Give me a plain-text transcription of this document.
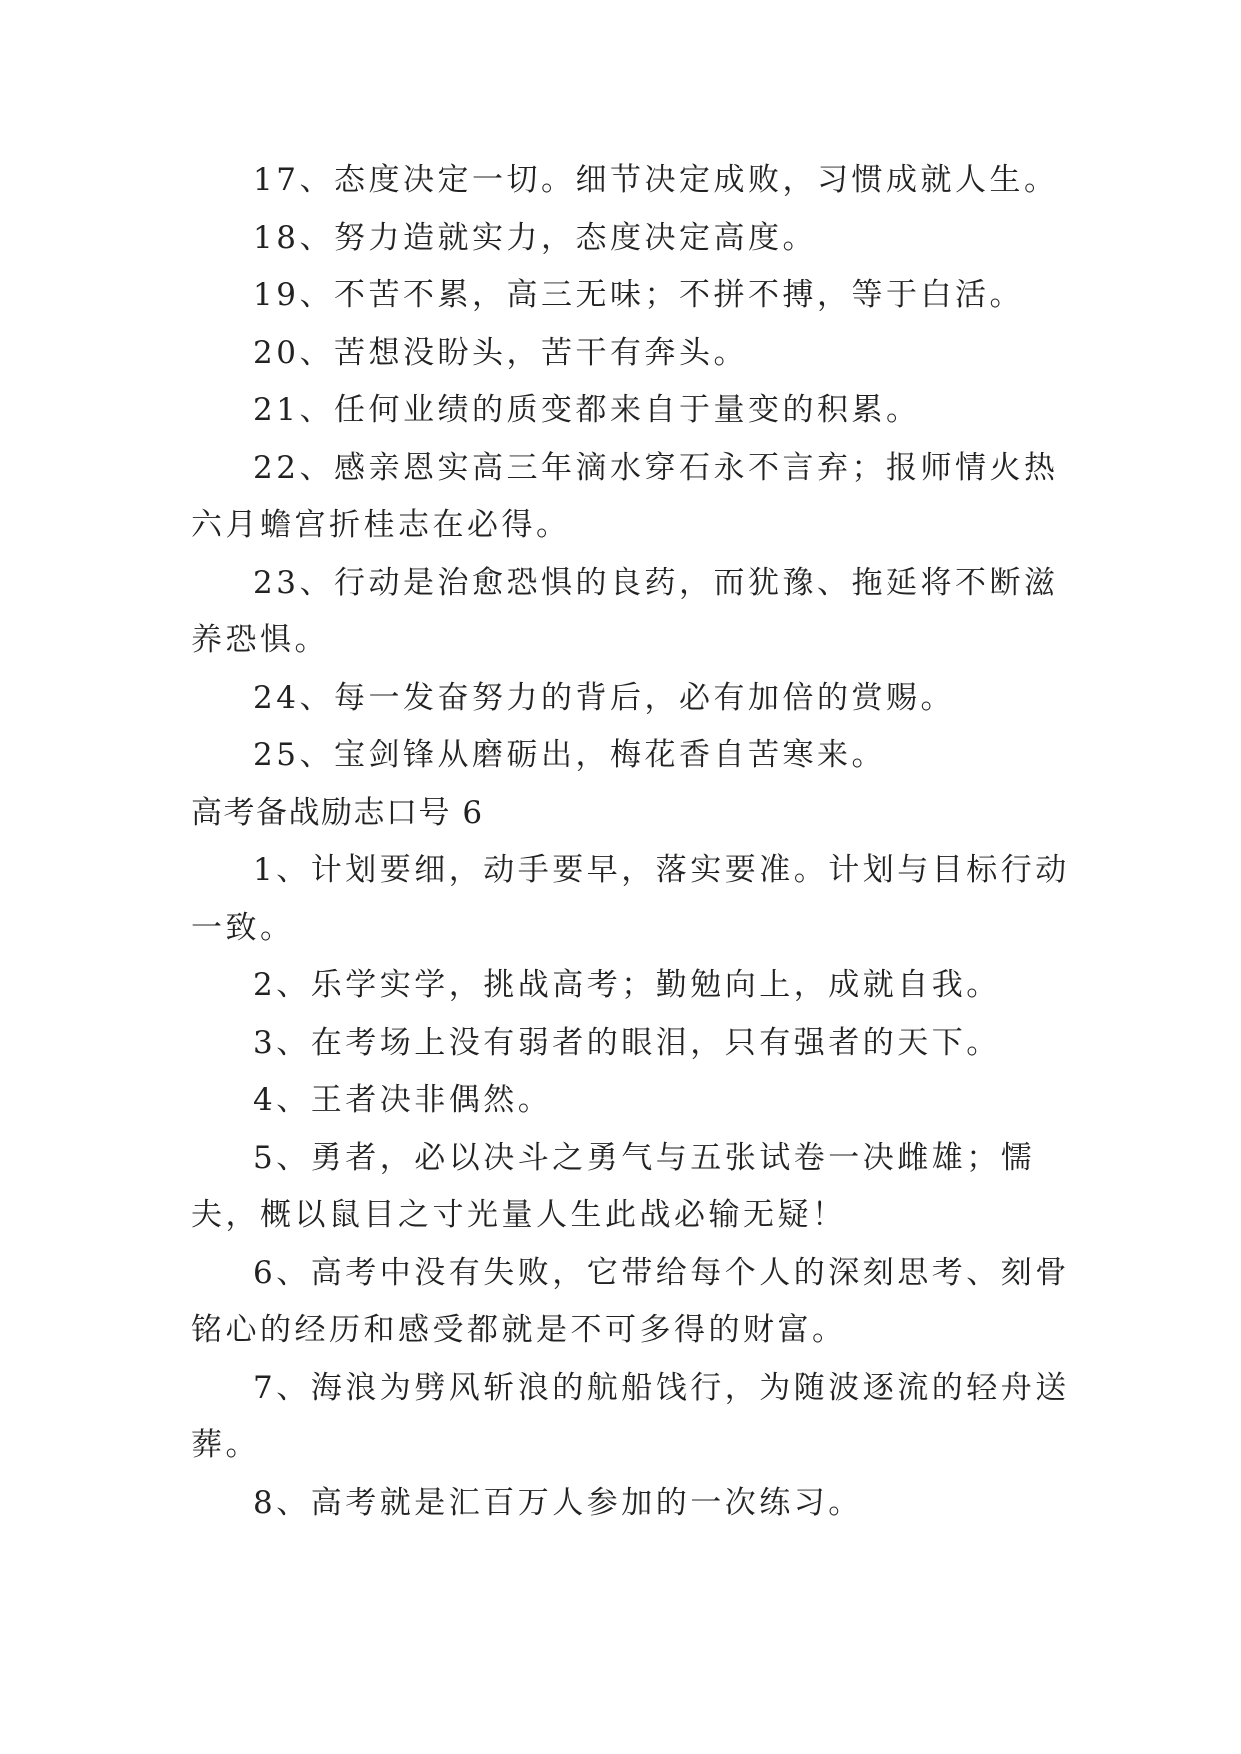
17、态度决定一切。细节决定成败，习惯成就人生。

18、努力造就实力，态度决定高度。

19、不苦不累，高三无味；不拼不搏，等于白活。

20、苦想没盼头，苦干有奔头。

21、任何业绩的质变都来自于量变的积累。

22、感亲恩实高三年滴水穿石永不言弃；报师情火热六月蟾宫折桂志在必得。

23、行动是治愈恐惧的良药，而犹豫、拖延将不断滋养恐惧。

24、每一发奋努力的背后，必有加倍的赏赐。

25、宝剑锋从磨砺出，梅花香自苦寒来。

高考备战励志口号 6

1、计划要细，动手要早，落实要准。计划与目标行动一致。

2、乐学实学，挑战高考；勤勉向上，成就自我。

3、在考场上没有弱者的眼泪，只有强者的天下。

4、王者决非偶然。

5、勇者，必以决斗之勇气与五张试卷一决雌雄；懦夫，概以鼠目之寸光量人生此战必输无疑！

6、高考中没有失败，它带给每个人的深刻思考、刻骨铭心的经历和感受都就是不可多得的财富。

7、海浪为劈风斩浪的航船饯行，为随波逐流的轻舟送葬。

8、高考就是汇百万人参加的一次练习。
